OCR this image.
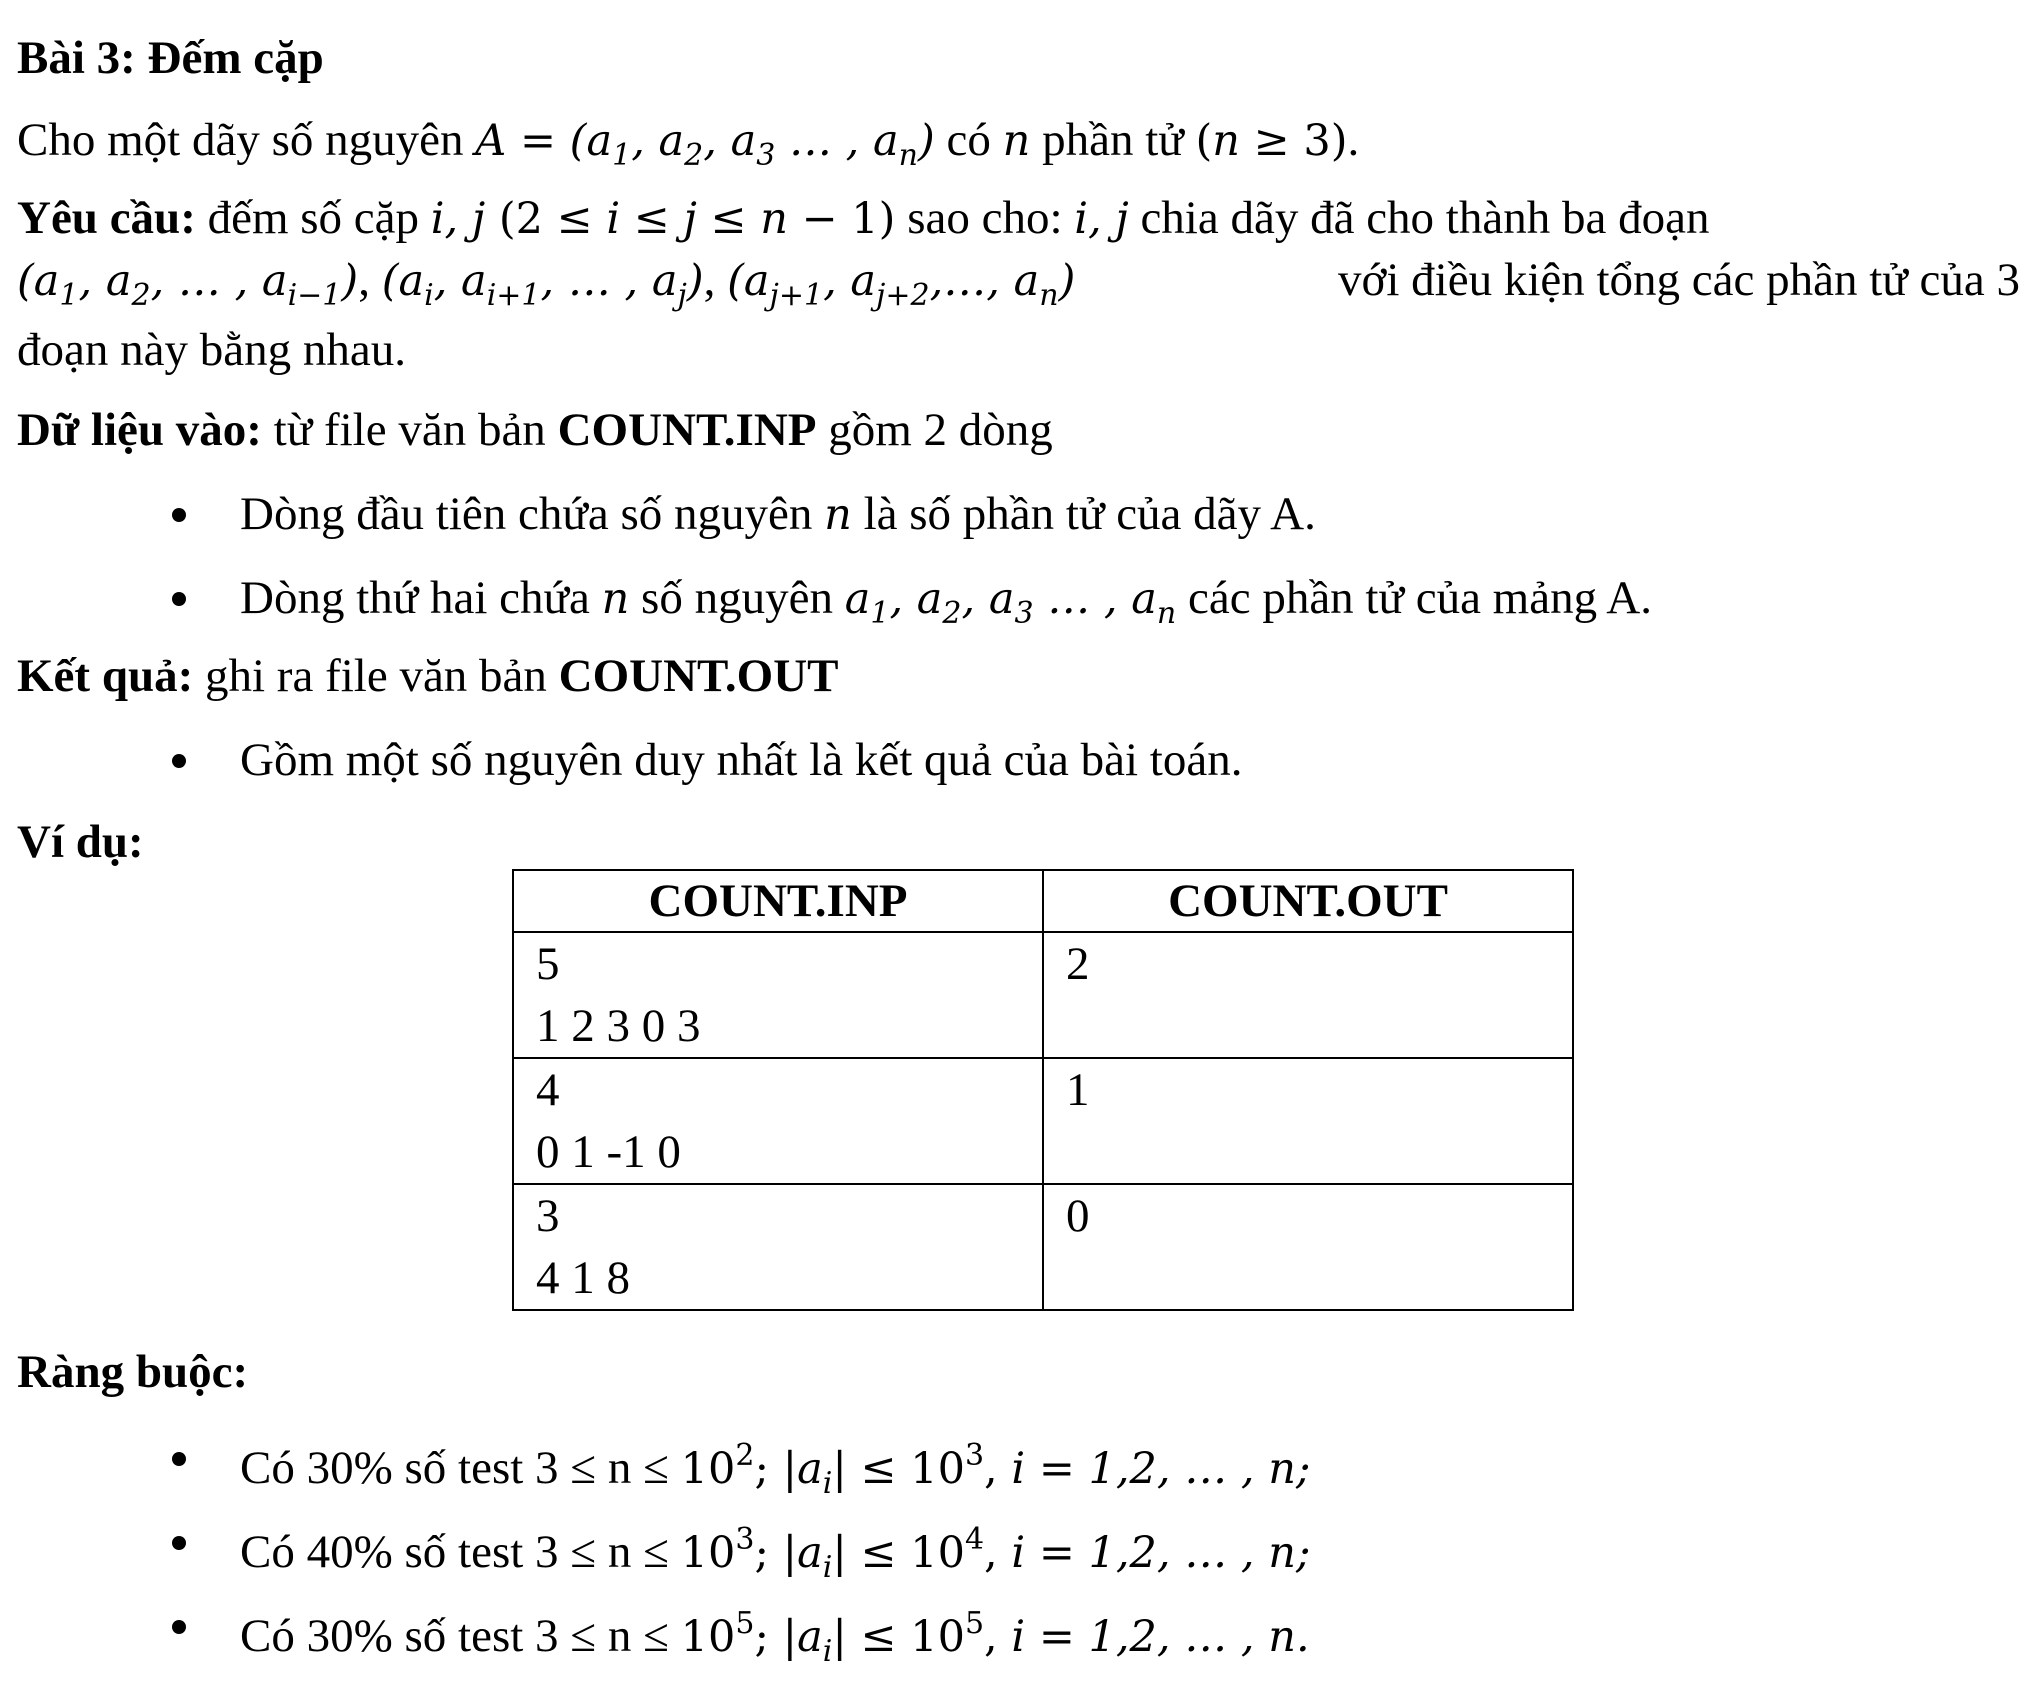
Bài 3: Đếm cặp
Cho một dãy số nguyên $A = (a_1$, $a_2$, $a_3$ … , $a_n$) có n phần tử (n ≥ 3).
Yêu cầu: đếm số cặp i, j (2 ≤ i ≤ j ≤ n − 1) sao cho: i, j chia dãy đã cho thành ba đoạn
($a_1$, $a_2$, … , $a_{i-1}$), ($a_i$, $a_{i+1}$, … , $a_j$), ($a_{j+1}$, $a_{j+2},\dots$, $a_n$)	với điều kiện tổng các phần tử của 3
đoạn này bằng nhau.
Dữ liệu vào: từ file văn bản COUNT.INP gồm 2 dòng
Dòng đầu tiên chứa số nguyên n là số phần tử của dãy A.
Dòng thứ hai chứa n số nguyên $a_1$, $a_2$, $a_3$ … , $a_n$ các phần tử của mảng A.
Kết quả: ghi ra file văn bản COUNT.OUT
Gồm một số nguyên duy nhất là kết quả của bài toán.
Ví dụ:
COUNT.INP	COUNT.OUT

5
1 2 3 0 3	2

4
0 1 -1 0	1

3
4 1 8	0
Ràng buộc:
Có 30% số test $3 \le n \le 10^2$; $|a_i| \le 10^3$, i = 1,2, … , n;
Có 40% số test $3 \le n \le 10^3$; $|a_i| \le 10^4$, i = 1,2, … , n;
Có 30% số test $3 \le n \le 10^5$; $|a_i| \le 10^5$, i = 1,2, … , n.
